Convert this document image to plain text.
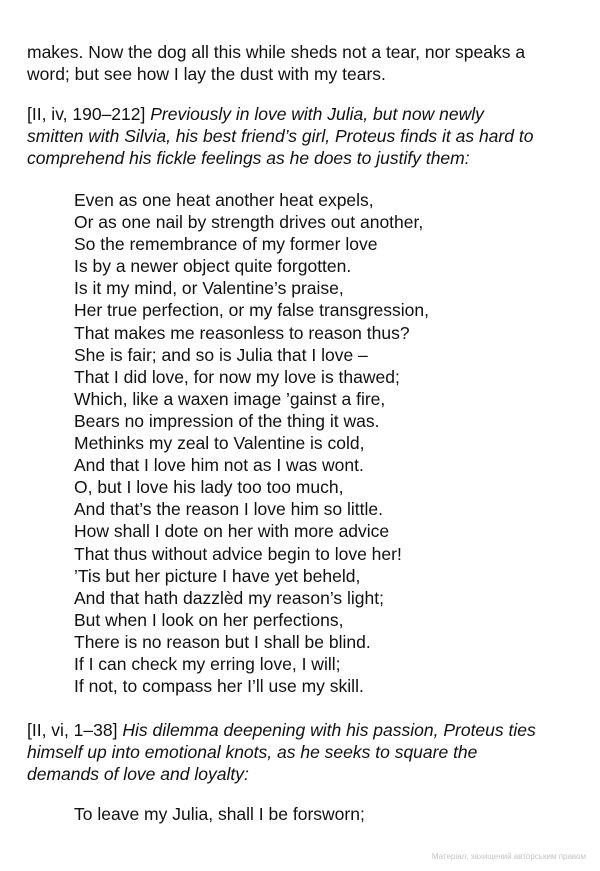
makes. Now the dog all this while sheds not a tear, nor speaks a
word; but see how I lay the dust with my tears.
[II, iv, 190–212] Previously in love with Julia, but now newly
smitten with Silvia, his best friend’s girl, Proteus finds it as hard to
comprehend his fickle feelings as he does to justify them:
Even as one heat another heat expels,
Or as one nail by strength drives out another,
So the remembrance of my former love
Is by a newer object quite forgotten.
Is it my mind, or Valentine’s praise,
Her true perfection, or my false transgression,
That makes me reasonless to reason thus?
She is fair; and so is Julia that I love –
That I did love, for now my love is thawed;
Which, like a waxen image ’gainst a fire,
Bears no impression of the thing it was.
Methinks my zeal to Valentine is cold,
And that I love him not as I was wont.
O, but I love his lady too too much,
And that’s the reason I love him so little.
How shall I dote on her with more advice
That thus without advice begin to love her!
’Tis but her picture I have yet beheld,
And that hath dazzlèd my reason’s light;
But when I look on her perfections,
There is no reason but I shall be blind.
If I can check my erring love, I will;
If not, to compass her I’ll use my skill.
[II, vi, 1–38] His dilemma deepening with his passion, Proteus ties
himself up into emotional knots, as he seeks to square the
demands of love and loyalty:
To leave my Julia, shall I be forsworn;
Матеріал, захищений авторським правом
